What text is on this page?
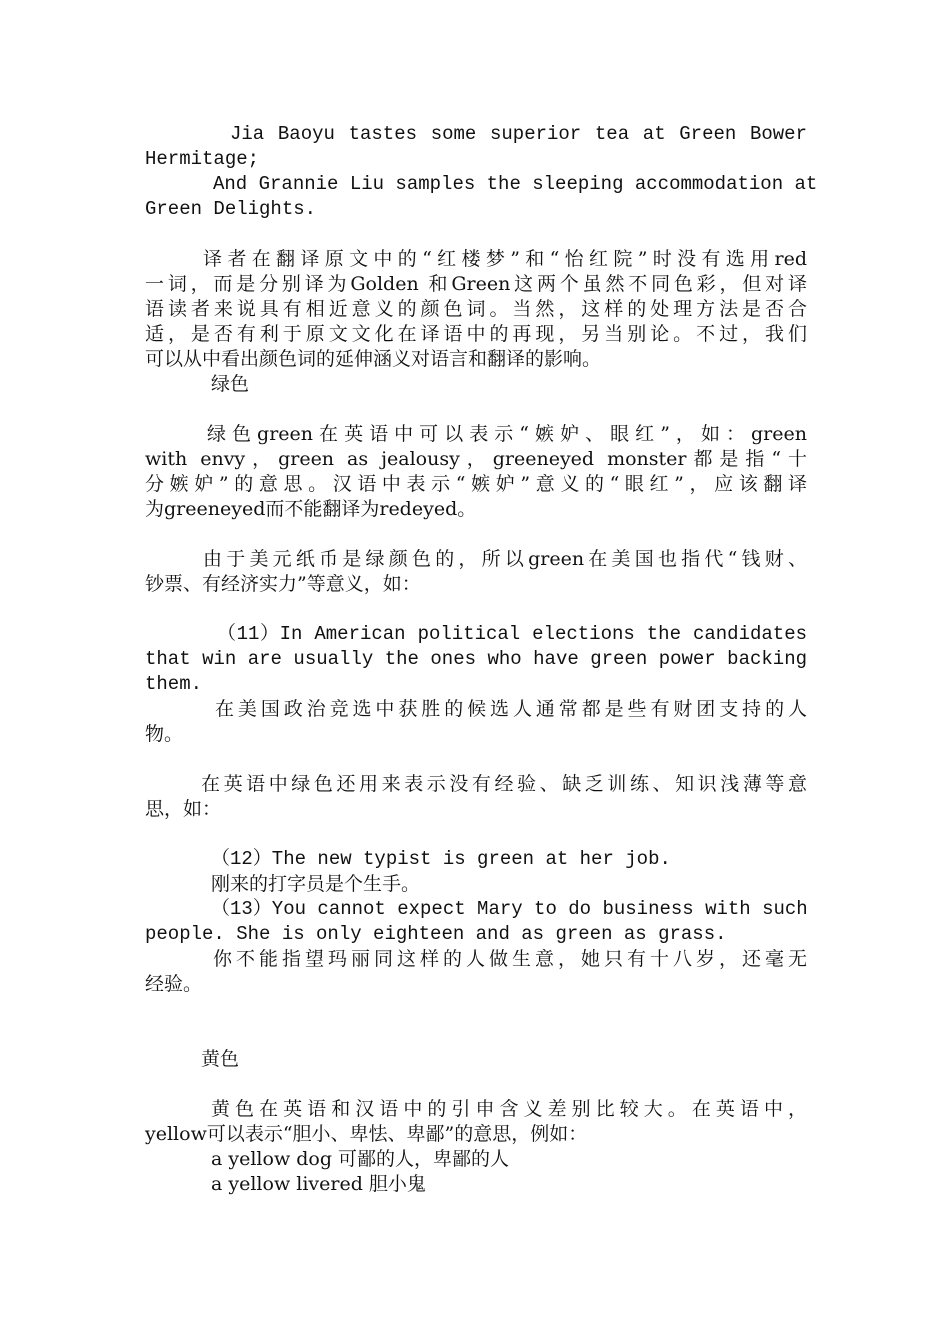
Jia Baoyu tastes some superior tea at Green Bower
Hermitage;
And Grannie Liu samples the sleeping accommodation at
Green Delights.
译者在翻译原文中的“红楼梦”和“怡红院”时没有选用red
一词，而是分别译为Golden 和Green这两个虽然不同色彩，但对译
语读者来说具有相近意义的颜色词。当然，这样的处理方法是否合
适，是否有利于原文文化在译语中的再现，另当别论。不过，我们
可以从中看出颜色词的延伸涵义对语言和翻译的影响。
绿色
绿色green在英语中可以表示“嫉妒、眼红”，如：green
with envy，green as jealousy，greeneyed monster都是指“十
分嫉妒”的意思。汉语中表示“嫉妒”意义的“眼红”，应该翻译
为greeneyed而不能翻译为redeyed。
由于美元纸币是绿颜色的，所以green在美国也指代“钱财、
钞票、有经济实力”等意义，如：
（11）In American political elections the candidates
that win are usually the ones who have green power backing
them.
在美国政治竞选中获胜的候选人通常都是些有财团支持的人
物。
在英语中绿色还用来表示没有经验、缺乏训练、知识浅薄等意
思，如：
（12）The new typist is green at her job.
刚来的打字员是个生手。
（13）You cannot expect Mary to do business with such
people. She is only eighteen and as green as grass.
你不能指望玛丽同这样的人做生意，她只有十八岁，还毫无
经验。
黄色
黄色在英语和汉语中的引申含义差别比较大。在英语中，
yellow可以表示“胆小、卑怯、卑鄙”的意思，例如：
a yellow dog 可鄙的人，卑鄙的人
a yellow livered 胆小鬼
